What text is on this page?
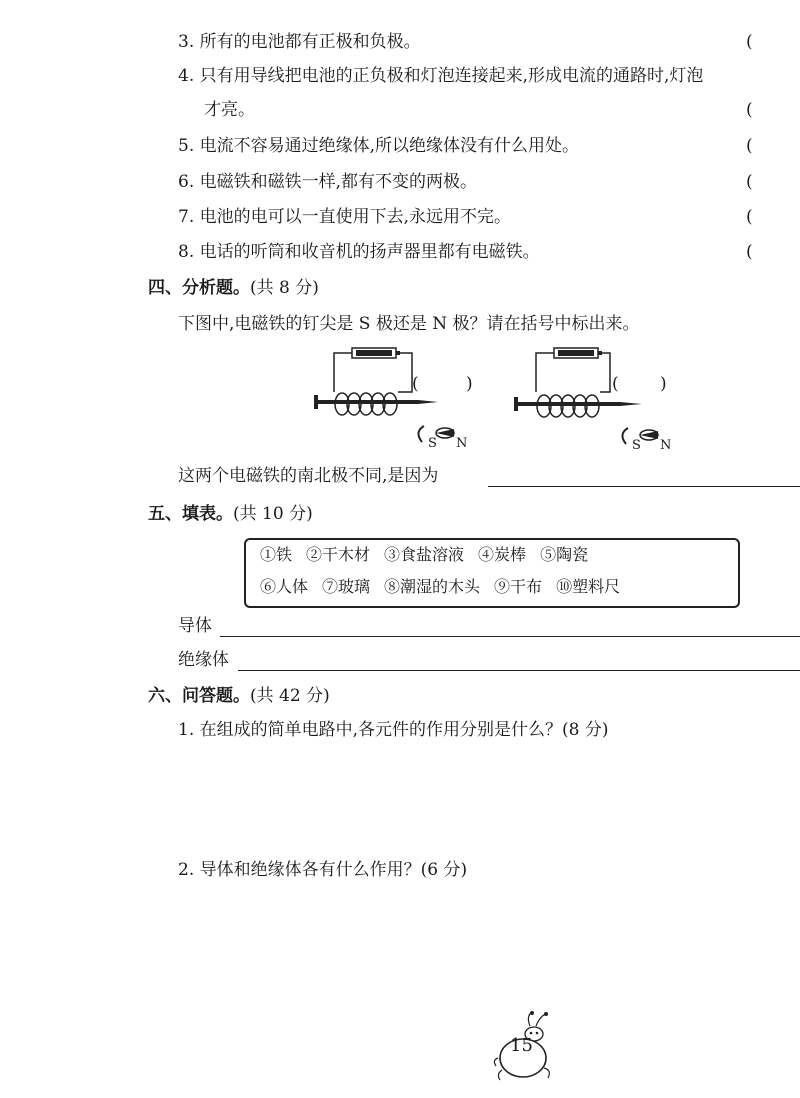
3. 所有的电池都有正极和负极。	(
4. 只有用导线把电池的正负极和灯泡连接起来,形成电流的通路时,灯泡
才亮。	(
5. 电流不容易通过绝缘体,所以绝缘体没有什么用处。	(
6. 电磁铁和磁铁一样,都有不变的两极。	(
7. 电池的电可以一直使用下去,永远用不完。	(
8. 电话的听筒和收音机的扬声器里都有电磁铁。	(
四、分析题。(共 8 分)
下图中,电磁铁的钉尖是 S 极还是 N 极？请在括号中标出来。
(	)
S N
( )
S N
这两个电磁铁的南北极不同,是因为
五、填表。(共 10 分)
①铁 ②干木材 ③食盐溶液 ④炭棒 ⑤陶瓷
⑥人体 ⑦玻璃 ⑧潮湿的木头 ⑨干布 ⑩塑料尺
导体
绝缘体
六、问答题。(共 42 分)
1. 在组成的简单电路中,各元件的作用分别是什么？(8 分)
2. 导体和绝缘体各有什么作用？(6 分)
15
